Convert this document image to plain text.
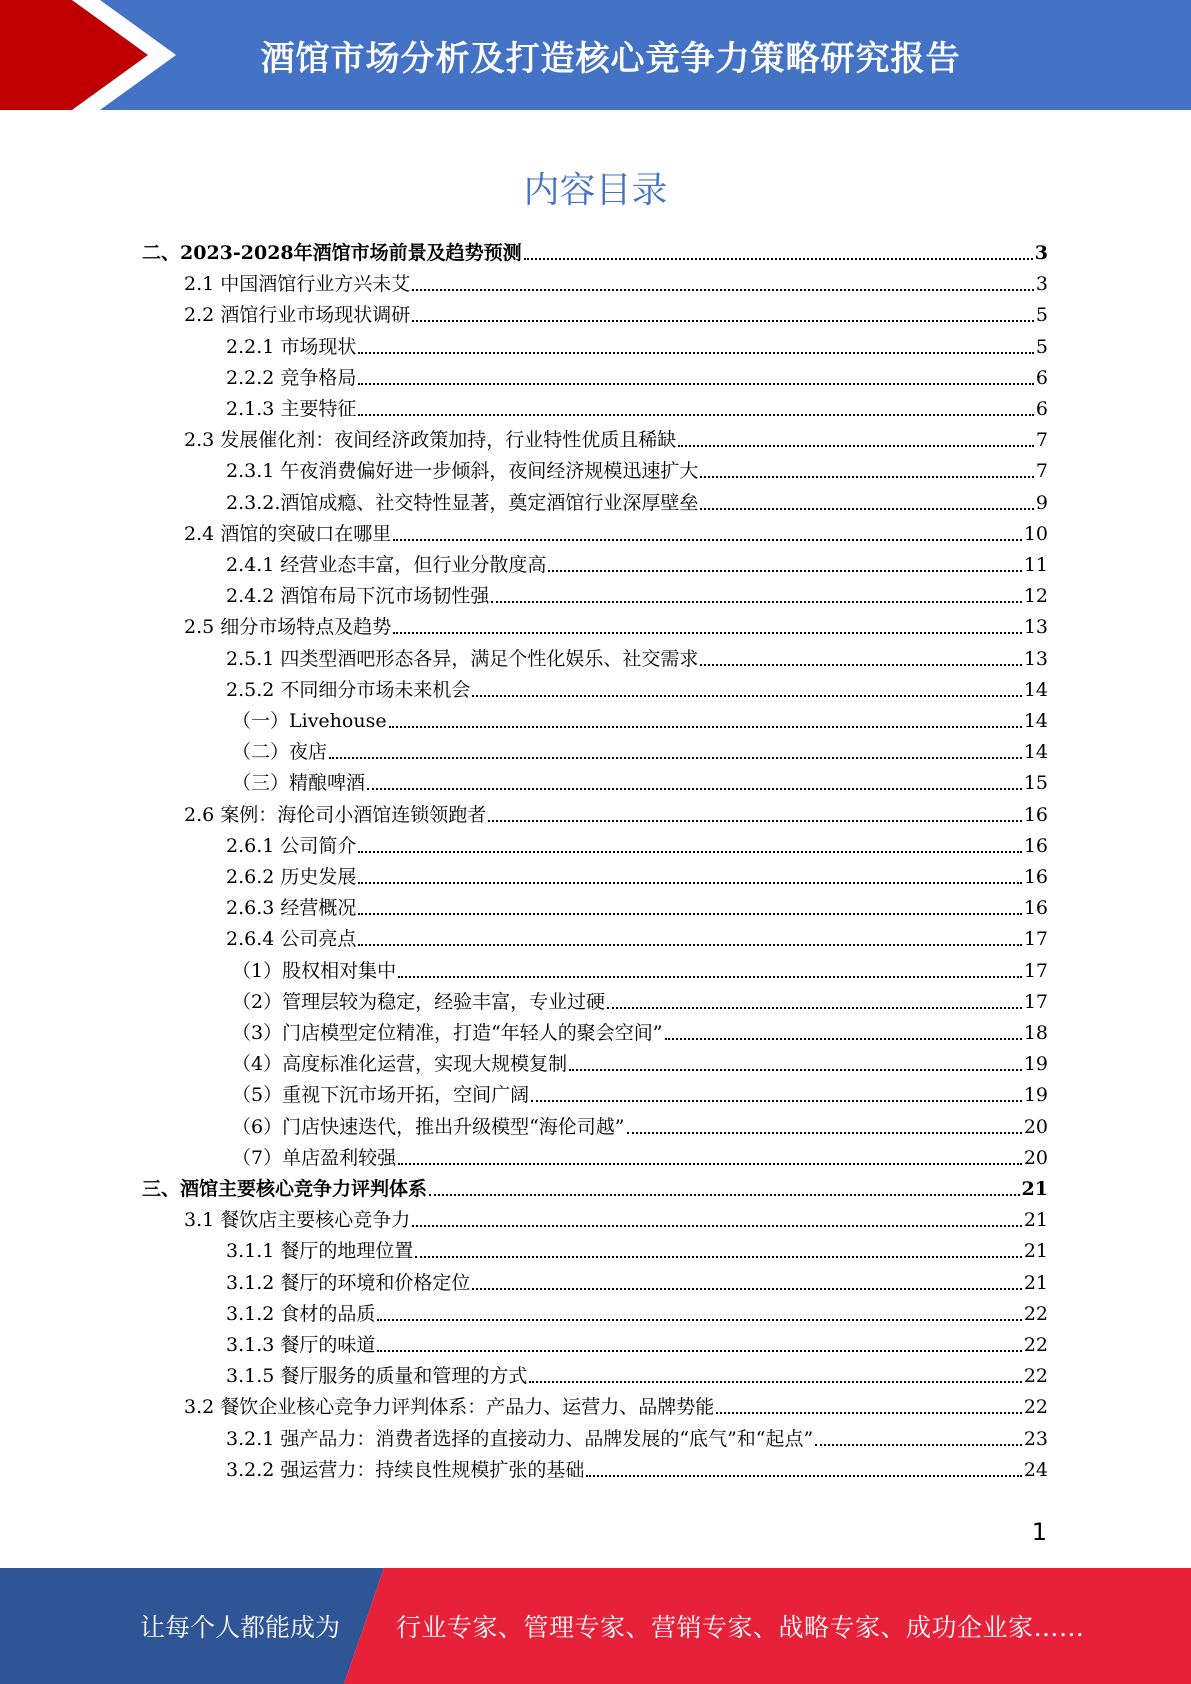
酒馆市场分析及打造核心竞争力策略研究报告
内容目录
二、2023-2028年酒馆市场前景及趋势预测	3
2.1 中国酒馆行业方兴未艾	3
2.2 酒馆行业市场现状调研	5
2.2.1 市场现状	5
2.2.2 竞争格局	6
2.1.3 主要特征	6
2.3 发展催化剂：夜间经济政策加持，行业特性优质且稀缺	7
2.3.1 午夜消费偏好进一步倾斜，夜间经济规模迅速扩大	7
2.3.2.酒馆成瘾、社交特性显著，奠定酒馆行业深厚壁垒	9
2.4 酒馆的突破口在哪里	10
2.4.1 经营业态丰富，但行业分散度高	11
2.4.2 酒馆布局下沉市场韧性强	12
2.5 细分市场特点及趋势	13
2.5.1 四类型酒吧形态各异，满足个性化娱乐、社交需求	13
2.5.2 不同细分市场未来机会	14
（一）Livehouse	14
（二）夜店	14
（三）精酿啤酒	15
2.6 案例：海伦司小酒馆连锁领跑者	16
2.6.1 公司简介	16
2.6.2 历史发展	16
2.6.3 经营概况	16
2.6.4 公司亮点	17
（1）股权相对集中	17
（2）管理层较为稳定，经验丰富，专业过硬	17
（3）门店模型定位精准，打造“年轻人的聚会空间”	18
（4）高度标准化运营，实现大规模复制	19
（5）重视下沉市场开拓，空间广阔	19
（6）门店快速迭代，推出升级模型“海伦司越”	20
（7）单店盈利较强	20
三、酒馆主要核心竞争力评判体系	21
3.1 餐饮店主要核心竞争力	21
3.1.1 餐厅的地理位置	21
3.1.2 餐厅的环境和价格定位	21
3.1.2 食材的品质	22
3.1.3 餐厅的味道	22
3.1.5 餐厅服务的质量和管理的方式	22
3.2 餐饮企业核心竞争力评判体系：产品力、运营力、品牌势能	22
3.2.1 强产品力：消费者选择的直接动力、品牌发展的“底气”和“起点”	23
3.2.2 强运营力：持续良性规模扩张的基础	24
1
让每个人都能成为 行业专家、管理专家、营销专家、战略专家、成功企业家……
